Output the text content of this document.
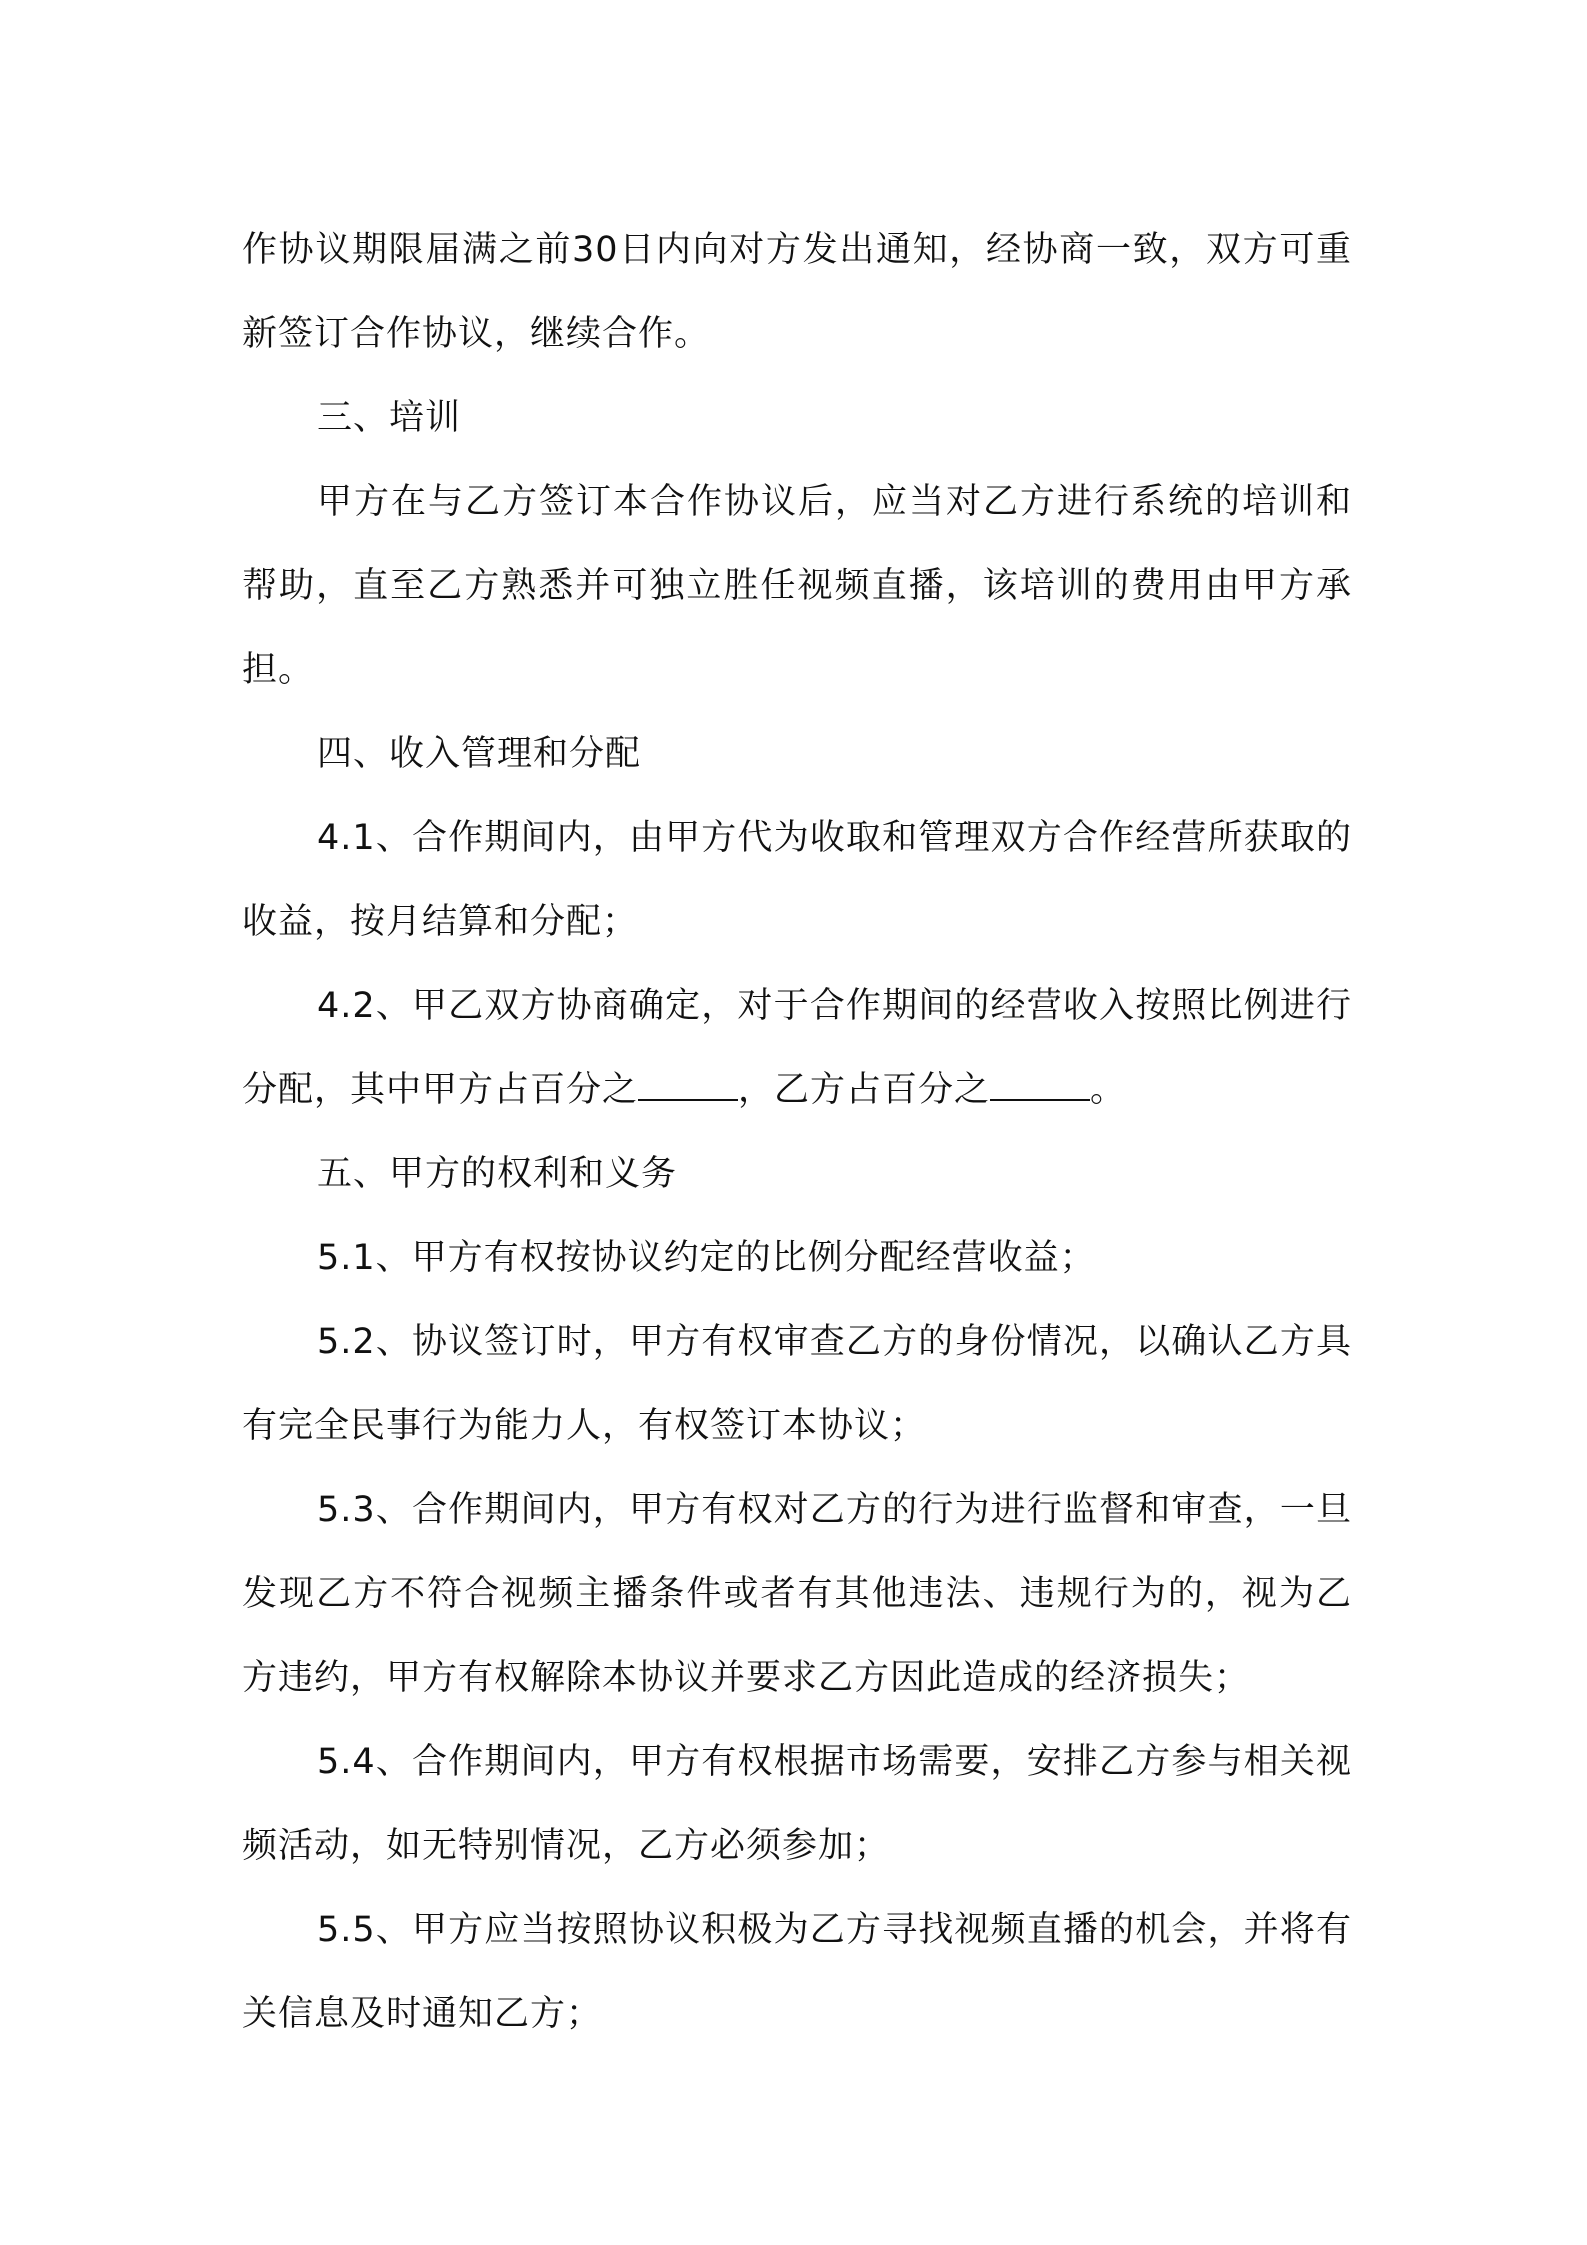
作协议期限届满之前30日内向对方发出通知，经协商一致，双方可重新签订合作协议，继续合作。

三、培训

甲方在与乙方签订本合作协议后，应当对乙方进行系统的培训和帮助，直至乙方熟悉并可独立胜任视频直播，该培训的费用由甲方承担。

四、收入管理和分配

4.1、合作期间内，由甲方代为收取和管理双方合作经营所获取的收益，按月结算和分配；

4.2、甲乙双方协商确定，对于合作期间的经营收入按照比例进行分配，其中甲方占百分之	，乙方占百分之	。

五、甲方的权利和义务

5.1、甲方有权按协议约定的比例分配经营收益；

5.2、协议签订时，甲方有权审查乙方的身份情况，以确认乙方具有完全民事行为能力人，有权签订本协议；

5.3、合作期间内，甲方有权对乙方的行为进行监督和审查，一旦发现乙方不符合视频主播条件或者有其他违法、违规行为的，视为乙方违约，甲方有权解除本协议并要求乙方因此造成的经济损失；

5.4、合作期间内，甲方有权根据市场需要，安排乙方参与相关视频活动，如无特别情况，乙方必须参加；

5.5、甲方应当按照协议积极为乙方寻找视频直播的机会，并将有关信息及时通知乙方；
